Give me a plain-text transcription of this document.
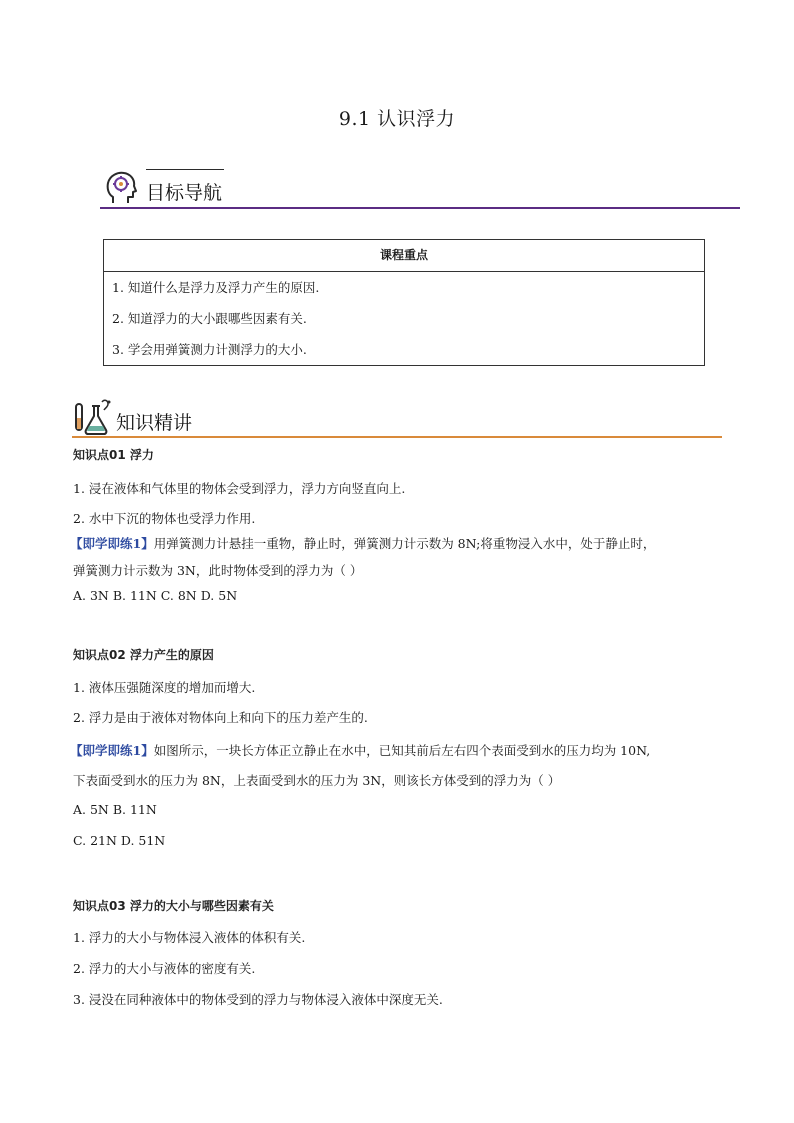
9.1 认识浮力
目标导航
课程重点
1. 知道什么是浮力及浮力产生的原因.
2. 知道浮力的大小跟哪些因素有关.
3. 学会用弹簧测力计测浮力的大小.
知识精讲
知识点01 浮力
1. 浸在液体和气体里的物体会受到浮力，浮力方向竖直向上.
2. 水中下沉的物体也受浮力作用.
【即学即练1】用弹簧测力计悬挂一重物，静止时，弹簧测力计示数为 8N;将重物浸入水中，处于静止时，
弹簧测力计示数为 3N，此时物体受到的浮力为（ ）
A. 3N B. 11N C. 8N D. 5N
知识点02 浮力产生的原因
1. 液体压强随深度的增加而增大.
2. 浮力是由于液体对物体向上和向下的压力差产生的.
【即学即练1】如图所示，一块长方体正立静止在水中，已知其前后左右四个表面受到水的压力均为 10N,
下表面受到水的压力为 8N，上表面受到水的压力为 3N，则该长方体受到的浮力为（ ）
A. 5N B. 11N
C. 21N D. 51N
知识点03 浮力的大小与哪些因素有关
1. 浮力的大小与物体浸入液体的体积有关.
2. 浮力的大小与液体的密度有关.
3. 浸没在同种液体中的物体受到的浮力与物体浸入液体中深度无关.
